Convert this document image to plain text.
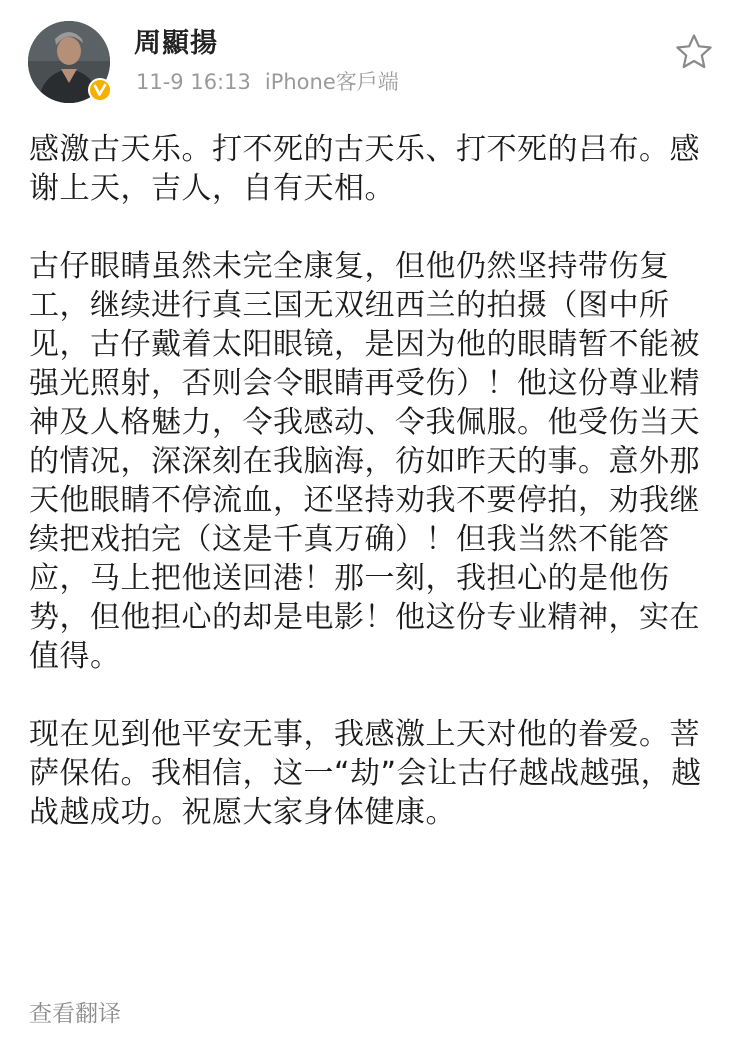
周顯揚
11-9 16:13 iPhone客戶端

感激古天乐。打不死的古天乐、打不死的吕布。感谢上天，吉人，自有天相。

古仔眼睛虽然未完全康复，但他仍然坚持带伤复工，继续进行真三国无双纽西兰的拍摄（图中所见，古仔戴着太阳眼镜，是因为他的眼睛暂不能被强光照射，否则会令眼睛再受伤）！他这份尊业精神及人格魅力，令我感动、令我佩服。他受伤当天的情况，深深刻在我脑海，彷如昨天的事。意外那天他眼睛不停流血，还坚持劝我不要停拍，劝我继续把戏拍完（这是千真万确）！但我当然不能答应，马上把他送回港！那一刻，我担心的是他伤势，但他担心的却是电影！他这份专业精神，实在值得。

现在见到他平安无事，我感激上天对他的眷爱。菩萨保佑。我相信，这一“劫”会让古仔越战越强，越战越成功。祝愿大家身体健康。

查看翻译
